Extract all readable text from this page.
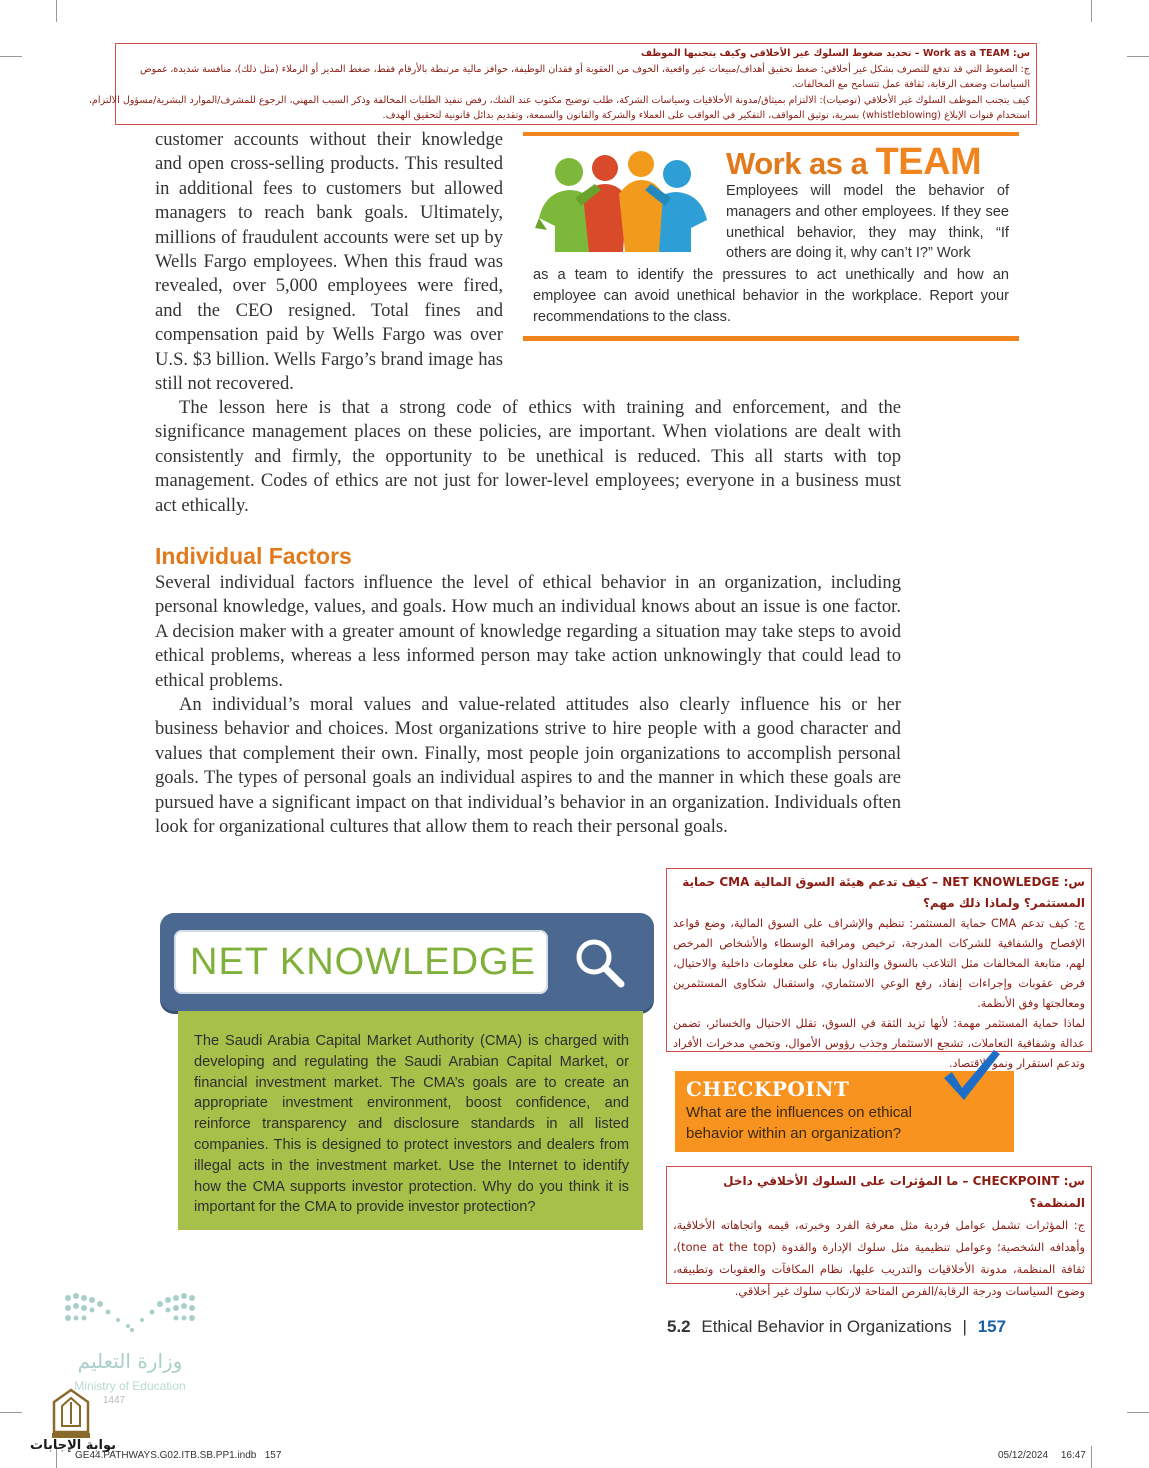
س: Work as a TEAM – تحديد ضغوط السلوك غير الأخلاقي وكيف يتجنبها الموظف

ج: الضغوط التي قد تدفع للتصرف بشكل غير أخلاقي: ضغط تحقيق أهداف/مبيعات غير واقعية، الخوف من العقوبة أو فقدان الوظيفة، حوافز مالية مرتبطة بالأرقام فقط، ضغط المدير أو الزملاء (مثل ذلك)، منافسة شديدة، غموض

السياسات وضعف الرقابة، ثقافة عمل تتسامح مع المخالفات.

كيف يتجنب الموظف السلوك غير الأخلاقي (توصيات): الالتزام بميثاق/مدونة الأخلاقيات وسياسات الشركة، طلب توضيح مكتوب عند الشك، رفض تنفيذ الطلبات المخالفة وذكر السبب المهني، الرجوع للمشرف/الموارد البشرية/مسؤول الالتزام،

استخدام قنوات الإبلاغ (whistleblowing) بسرية، توثيق المواقف، التفكير في العواقب على العملاء والشركة والقانون والسمعة، وتقديم بدائل قانونية لتحقيق الهدف.

customer accounts without their knowledge and open cross-selling products. This resulted in additional fees to customers but allowed managers to reach bank goals. Ultimately, millions of fraudulent accounts were set up by Wells Fargo employees. When this fraud was revealed, over 5,000 employees were fired, and the CEO resigned. Total fines and compensation paid by Wells Fargo was over U.S. $3 billion. Wells Fargo’s brand image has still not recovered.

Work as a TEAM

Employees will model the behavior of managers and other employees. If they see unethical behavior, they may think, “If others are doing it, why can’t I?” Work

as a team to identify the pressures to act unethically and how an employee can avoid unethical behavior in the workplace. Report your recommendations to the class.

The lesson here is that a strong code of ethics with training and enforcement, and the significance management places on these policies, are important. When violations are dealt with consistently and firmly, the opportunity to be unethical is reduced. This all starts with top management. Codes of ethics are not just for lower-level employees; everyone in a business must act ethically.

Individual Factors

Several individual factors influence the level of ethical behavior in an organization, including personal knowledge, values, and goals. How much an individual knows about an issue is one factor. A decision maker with a greater amount of knowledge regarding a situation may take steps to avoid ethical problems, whereas a less informed person may take action unknowingly that could lead to ethical problems.

An individual’s moral values and value-related attitudes also clearly influence his or her business behavior and choices. Most organizations strive to hire people with a good character and values that complement their own. Finally, most people join organizations to accomplish personal goals. The types of personal goals an individual aspires to and the manner in which these goals are pursued have a significant impact on that individual’s behavior in an organization. Individuals often look for organizational cultures that allow them to reach their personal goals.

NET KNOWLEDGE

The Saudi Arabia Capital Market Authority (CMA) is charged with developing and regulating the Saudi Arabian Capital Market, or financial investment market. The CMA’s goals are to create an appropriate investment environment, boost confidence, and reinforce transparency and disclosure standards in all listed companies. This is designed to protect investors and dealers from illegal acts in the investment market. Use the Internet to identify how the CMA supports investor protection. Why do you think it is important for the CMA to provide investor protection?

س: NET KNOWLEDGE – كيف تدعم هيئة السوق المالية CMA حماية المستثمر؟ ولماذا ذلك مهم؟

ج: كيف تدعم CMA حماية المستثمر: تنظيم والإشراف على السوق المالية، وضع قواعد الإفصاح والشفافية للشركات المدرجة، ترخيص ومراقبة الوسطاء والأشخاص المرخص لهم، متابعة المخالفات مثل التلاعب بالسوق والتداول بناء على معلومات داخلية والاحتيال، فرض عقوبات وإجراءات إنفاذ، رفع الوعي الاستثماري، واستقبال شكاوى المستثمرين ومعالجتها وفق الأنظمة.

لماذا حماية المستثمر مهمة: لأنها تزيد الثقة في السوق، تقلل الاحتيال والخسائر، تضمن عدالة وشفافية التعاملات، تشجع الاستثمار وجذب رؤوس الأموال، وتحمي مدخرات الأفراد وتدعم استقرار ونمو الاقتصاد.

CHECKPOINT

What are the influences on ethical behavior within an organization?

س: CHECKPOINT – ما المؤثرات على السلوك الأخلاقي داخل المنظمة؟

ج: المؤثرات تشمل عوامل فردية مثل معرفة الفرد وخبرته، قيمه واتجاهاته الأخلاقية، وأهدافه الشخصية؛ وعوامل تنظيمية مثل سلوك الإدارة والقدوة (tone at the top)، ثقافة المنظمة، مدونة الأخلاقيات والتدريب عليها، نظام المكافآت والعقوبات وتطبيقه، وضوح السياسات ودرجة الرقابة/الفرص المتاحة لارتكاب سلوك غير أخلاقي.

5.2 Ethical Behavior in Organizations | 157
وزارة التعليم
Ministry of Education
1447
بوابة الإجابات
GE44.PATHWAYS.G02.ITB.SB.PP1.indb   157	05/12/2024 16:47
